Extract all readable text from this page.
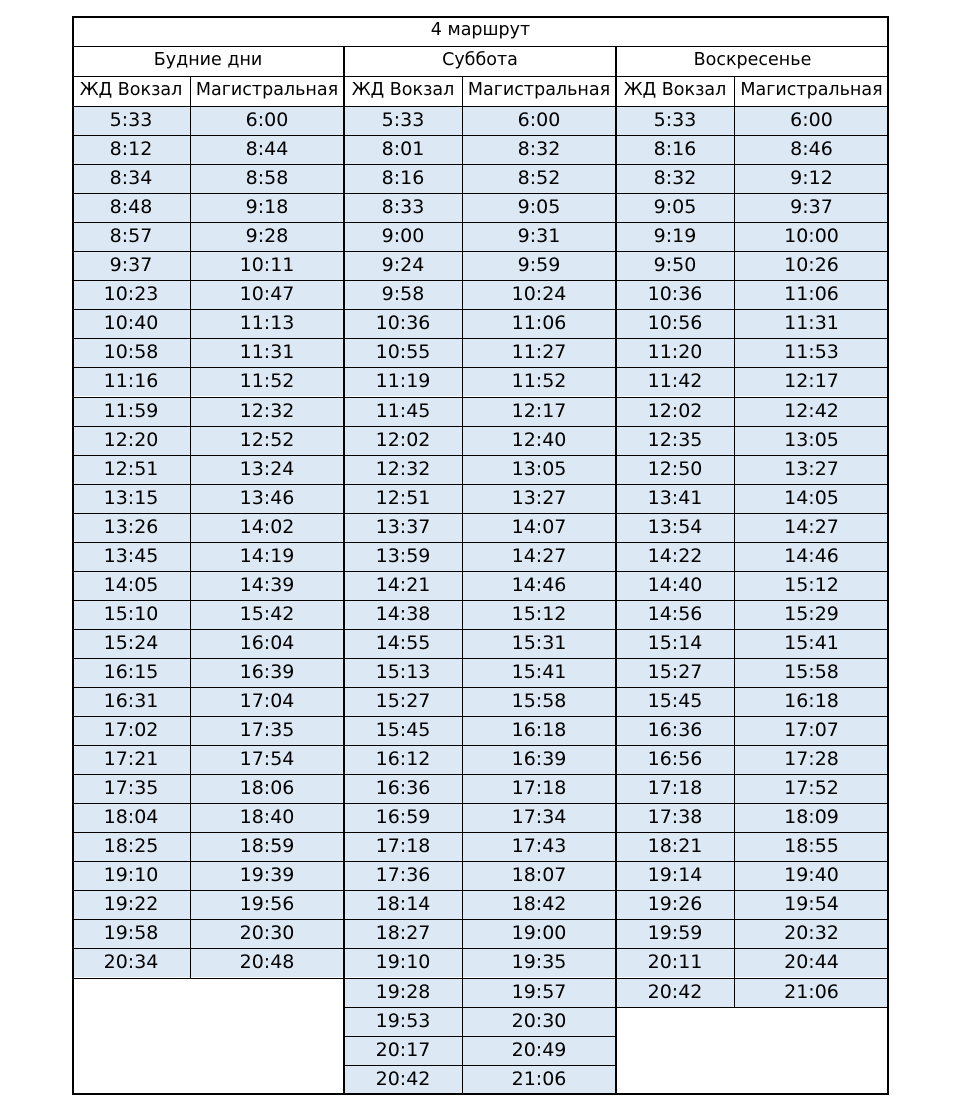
4 маршрут
Будние дни
ЖД Вокзал Магистральная
5:33	6:00
8:12	8:44
8:34	8:58
8:48	9:18
8:57	9:28
9:37	10:11
10:23	10:47
10:40	11:13
10:58	11:31
11:16	11:52
11:59	12:32
12:20	12:52
12:51	13:24
13:15	13:46
13:26	14:02
13:45	14:19
14:05	14:39
15:10	15:42
15:24	16:04
16:15	16:39
16:31	17:04
17:02	17:35
17:21	17:54
17:35	18:06
18:04	18:40
18:25	18:59
19:10	19:39
19:22	19:56
19:58	20:30
20:34	20:48
Суббота
ЖД Вокзал Магистральная
5:33	6:00
8:01	8:32
8:16	8:52
8:33	9:05
9:00	9:31
9:24	9:59
9:58	10:24
10:36	11:06
10:55	11:27
11:19	11:52
11:45	12:17
12:02	12:40
12:32	13:05
12:51	13:27
13:37	14:07
13:59	14:27
14:21	14:46
14:38	15:12
14:55	15:31
15:13	15:41
15:27	15:58
15:45	16:18
16:12	16:39
16:36	17:18
16:59	17:34
17:18	17:43
17:36	18:07
18:14	18:42
18:27	19:00
19:10	19:35
19:28	19:57
19:53	20:30
20:17	20:49
20:42	21:06
Воскресенье
ЖД Вокзал Магистральная
5:33	6:00
8:16	8:46
8:32	9:12
9:05	9:37
9:19	10:00
9:50	10:26
10:36	11:06
10:56	11:31
11:20	11:53
11:42	12:17
12:02	12:42
12:35	13:05
12:50	13:27
13:41	14:05
13:54	14:27
14:22	14:46
14:40	15:12
14:56	15:29
15:14	15:41
15:27	15:58
15:45	16:18
16:36	17:07
16:56	17:28
17:18	17:52
17:38	18:09
18:21	18:55
19:14	19:40
19:26	19:54
19:59	20:32
20:11	20:44
20:42	21:06
